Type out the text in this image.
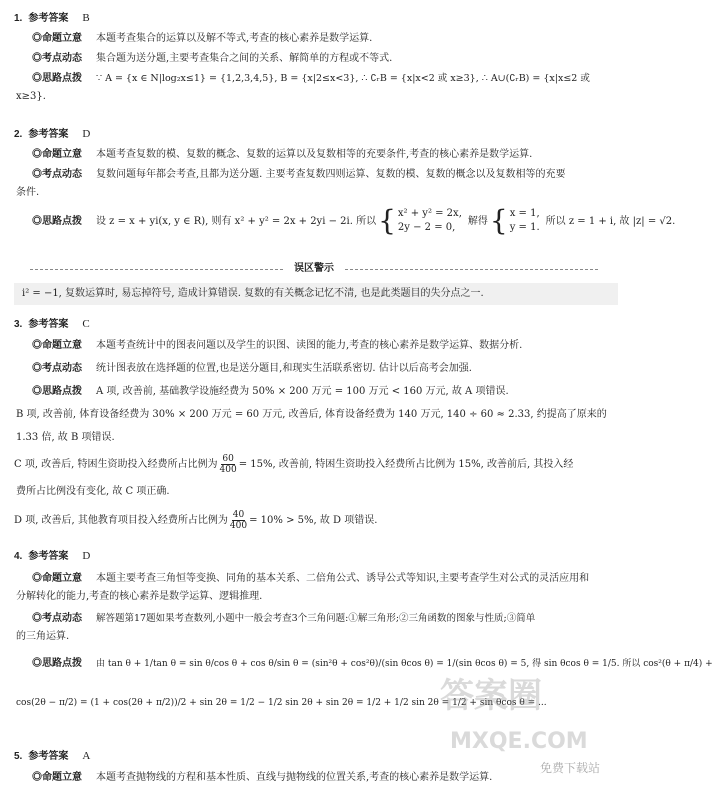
1. 参考答案 B
◎命题立意 本题考查集合的运算以及解不等式,考查的核心素养是数学运算.
◎考点动态 集合题为送分题,主要考查集合之间的关系、解简单的方程或不等式.
◎思路点拨 ∵ A = {x ∈ N|log₂x≤1} = {1,2,3,4,5}, B = {x|2≤x<3}, ∴ ∁ᵣB = {x|x<2 或 x≥3}, ∴ A∪(∁ᵣB) = {x|x≤2 或
x≥3}.
2. 参考答案 D
◎命题立意 本题考查复数的模、复数的概念、复数的运算以及复数相等的充要条件,考查的核心素养是数学运算.
◎考点动态 复数问题每年都会考查,且都为送分题. 主要考查复数四则运算、复数的模、复数的概念以及复数相等的充要
条件.
◎思路点拨 设 z = x + yi(x, y ∈ R), 则有 x² + y² = 2x + 2yi − 2i. 所以 { x² + y² = 2x,
2y − 2 = 0,
解得 { x = 1,
y = 1.
所以 z = 1 + i, 故 |z| = √2.
误区警示
i² = −1, 复数运算时, 易忘掉符号, 造成计算错误. 复数的有关概念记忆不清, 也是此类题目的失分点之一.
3. 参考答案 C
◎命题立意 本题考查统计中的图表问题以及学生的识图、读图的能力,考查的核心素养是数学运算、数据分析.
◎考点动态 统计图表放在选择题的位置,也是送分题目,和现实生活联系密切. 估计以后高考会加强.
◎思路点拨 A 项, 改善前, 基础教学设施经费为 50% × 200 万元 = 100 万元 < 160 万元, 故 A 项错误.
B 项, 改善前, 体育设备经费为 30% × 200 万元 = 60 万元, 改善后, 体育设备经费为 140 万元, 140 ÷ 60 ≈ 2.33, 约提高了原来的
1.33 倍, 故 B 项错误.
C 项, 改善后, 特困生资助投入经费所占比例为 $\frac{60}{400} = 15\%$, 改善前, 特困生资助投入经费所占比例为 15%, 改善前后, 其投入经
费所占比例没有变化, 故 C 项正确.
D 项, 改善后, 其他教育项目投入经费所占比例为 $\frac{40}{400} = 10\% > 5\%$, 故 D 项错误.
4. 参考答案 D
◎命题立意 本题主要考查三角恒等变换、同角的基本关系、二倍角公式、诱导公式等知识,主要考查学生对公式的灵活应用和
分解转化的能力,考查的核心素养是数学运算、逻辑推理.
◎考点动态 解答题第17题如果考查数列,小题中一般会考查3个三角问题:①解三角形;②三角函数的图象与性质;③简单
的三角运算.
◎思路点拨 由 tan θ + 1/tan θ = sin θ/cos θ + cos θ/sin θ = (sin²θ + cos²θ)/(sin θcos θ) = 1/(sin θcos θ) = 5, 得 sin θcos θ = 1/5. 所以 cos²(θ + π/4) +
cos(2θ − π/2) = (1 + cos(2θ + π/2))/2 + sin 2θ = 1/2 − 1/2 sin 2θ + sin 2θ = 1/2 + 1/2 sin 2θ = 1/2 + sin θcos θ = ...
5. 参考答案 A
◎命题立意 本题考查抛物线的方程和基本性质、直线与抛物线的位置关系,考查的核心素养是数学运算.
答案圈
MXQE.COM
免费下载站
